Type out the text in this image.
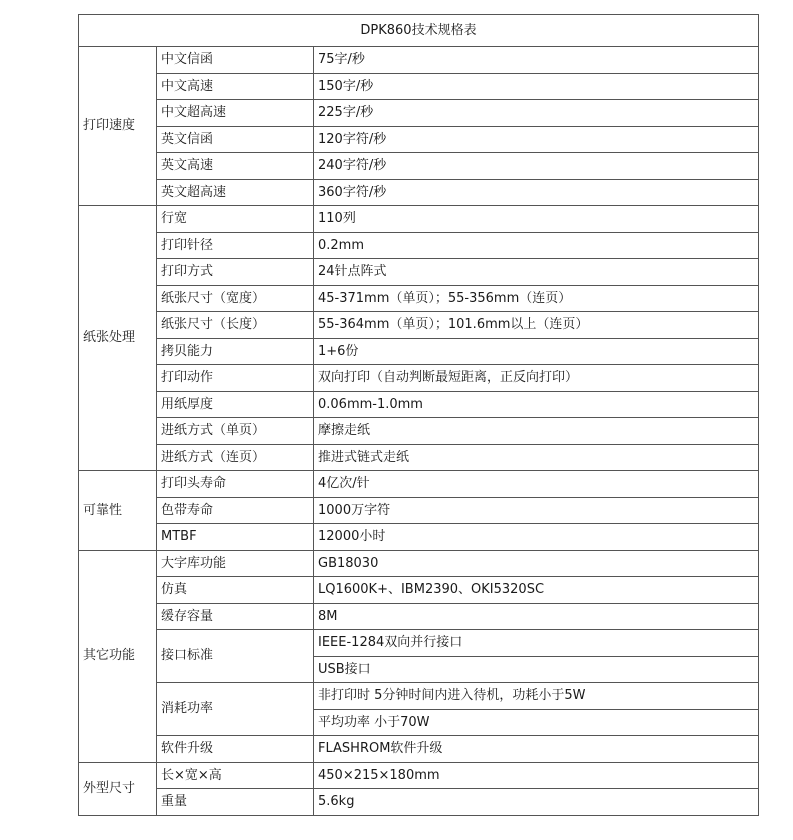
DPK860技术规格表		
打印速度	中文信函	75字/秒
	中文高速	150字/秒
	中文超高速	225字/秒
	英文信函	120字符/秒
	英文高速	240字符/秒
	英文超高速	360字符/秒
纸张处理	行宽	110列
	打印针径	0.2mm
	打印方式	24针点阵式
	纸张尺寸（宽度）	45-371mm（单页）；55-356mm（连页）
	纸张尺寸（长度）	55-364mm（单页）；101.6mm以上（连页）
	拷贝能力	1+6份
	打印动作	双向打印（自动判断最短距离，正反向打印）
	用纸厚度	0.06mm-1.0mm
	进纸方式（单页）	摩擦走纸
	进纸方式（连页）	推进式链式走纸
可靠性	打印头寿命	4亿次/针
	色带寿命	1000万字符
	MTBF	12000小时
其它功能	大字库功能	GB18030
	仿真	LQ1600K+、IBM2390、OKI5320SC
	缓存容量	8M
	接口标准	IEEE-1284双向并行接口
		USB接口
	消耗功率	非打印时 5分钟时间内进入待机，功耗小于5W
		平均功率 小于70W
	软件升级	FLASHROM软件升级
外型尺寸	长×宽×高	450×215×180mm
	重量	5.6kg
